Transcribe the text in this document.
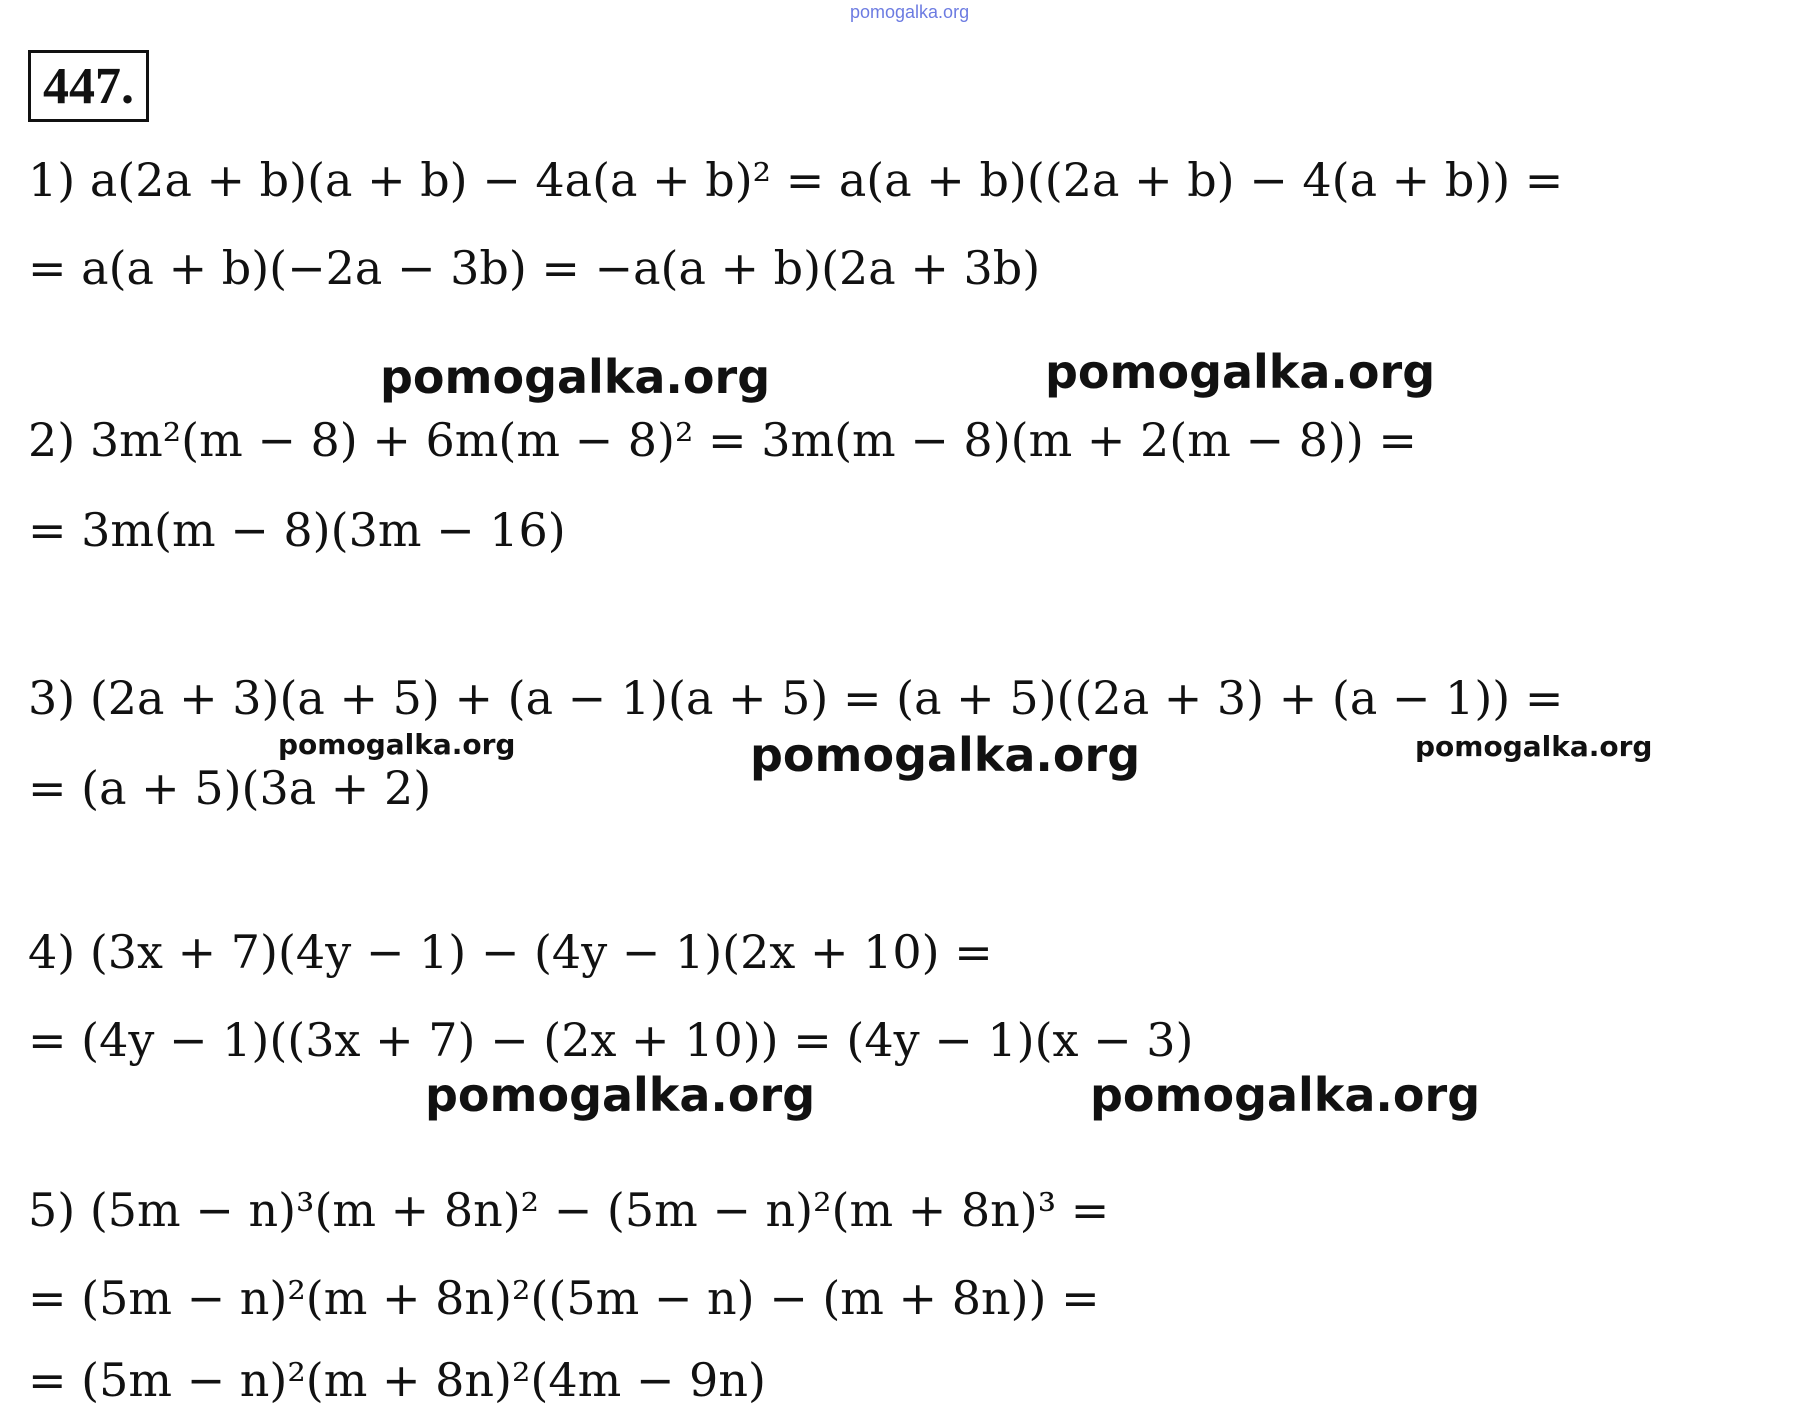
pomogalka.org
447.
1) a(2a + b)(a + b) − 4a(a + b)² = a(a + b)((2a + b) − 4(a + b)) =
= a(a + b)(−2a − 3b) = −a(a + b)(2a + 3b)
pomogalka.org	pomogalka.org
2) 3m²(m − 8) + 6m(m − 8)² = 3m(m − 8)(m + 2(m − 8)) =
= 3m(m − 8)(3m − 16)
3) (2a + 3)(a + 5) + (a − 1)(a + 5) = (a + 5)((2a + 3) + (a − 1)) =
pomogalka.org	pomogalka.org	pomogalka.org
= (a + 5)(3a + 2)
4) (3x + 7)(4y − 1) − (4y − 1)(2x + 10) =
= (4y − 1)((3x + 7) − (2x + 10)) = (4y − 1)(x − 3)
pomogalka.org	pomogalka.org
5) (5m − n)³(m + 8n)² − (5m − n)²(m + 8n)³ =
= (5m − n)²(m + 8n)²((5m − n) − (m + 8n)) =
= (5m − n)²(m + 8n)²(4m − 9n)
